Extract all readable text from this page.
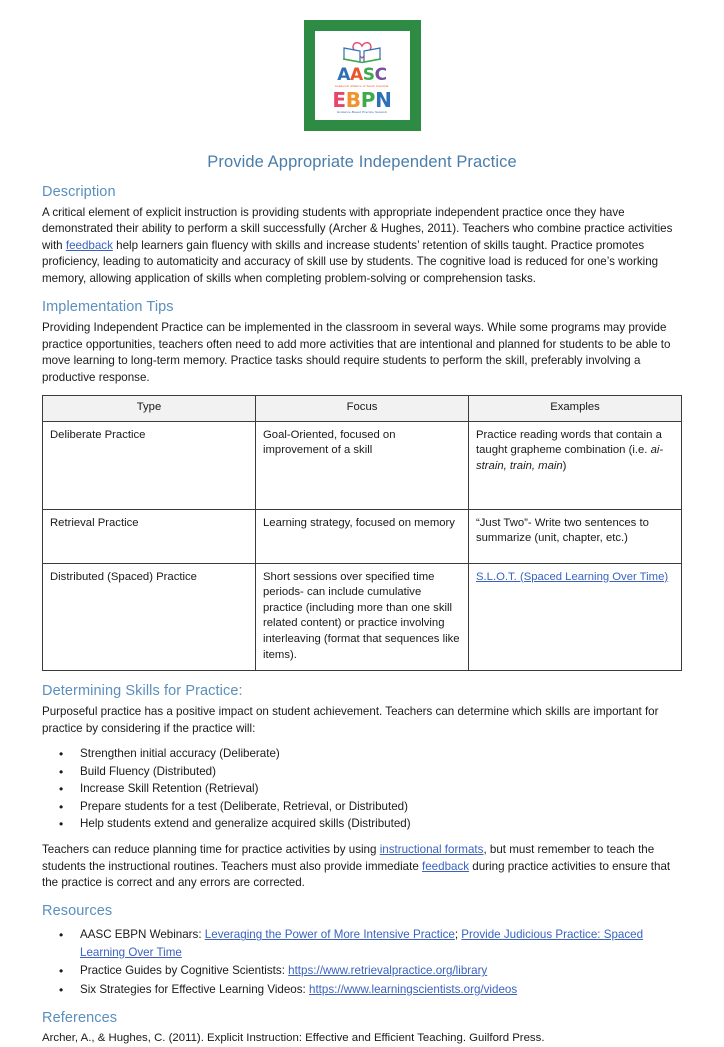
AASC
Academic Alliance of South Carolina
EBPN
Evidence-Based Practice Network
Provide Appropriate Independent Practice
Description

A critical element of explicit instruction is providing students with appropriate independent practice once they have demonstrated their ability to perform a skill successfully (Archer & Hughes, 2011). Teachers who combine practice activities with feedback help learners gain fluency with skills and increase students’ retention of skills taught. Practice promotes proficiency, leading to automaticity and accuracy of skill use by students. The cognitive load is reduced for one’s working memory, allowing application of skills when completing problem-solving or comprehension tasks.

Implementation Tips

Providing Independent Practice can be implemented in the classroom in several ways. While some programs may provide practice opportunities, teachers often need to add more activities that are intentional and planned for students to be able to move learning to long-term memory. Practice tasks should require students to perform the skill, preferably involving a productive response.

Type	Focus	Examples
Deliberate Practice	Goal-Oriented, focused on improvement of a skill	Practice reading words that contain a taught grapheme combination (i.e. ai-strain, train, main)
Retrieval Practice	Learning strategy, focused on memory	“Just Two”- Write two sentences to summarize (unit, chapter, etc.)
Distributed (Spaced) Practice	Short sessions over specified time periods- can include cumulative practice (including more than one skill related content) or practice involving interleaving (format that sequences like items).	S.L.O.T. (Spaced Learning Over Time)
Determining Skills for Practice:

Purposeful practice has a positive impact on student achievement. Teachers can determine which skills are important for practice by considering if the practice will:

• Strengthen initial accuracy (Deliberate)
• Build Fluency (Distributed)
• Increase Skill Retention (Retrieval)
• Prepare students for a test (Deliberate, Retrieval, or Distributed)
• Help students extend and generalize acquired skills (Distributed)

Teachers can reduce planning time for practice activities by using instructional formats, but must remember to teach the students the instructional routines. Teachers must also provide immediate feedback during practice activities to ensure that the practice is correct and any errors are corrected.

Resources
• AASC EBPN Webinars: Leveraging the Power of More Intensive Practice; Provide Judicious Practice: Spaced Learning Over Time
• Practice Guides by Cognitive Scientists: https://www.retrievalpractice.org/library
• Six Strategies for Effective Learning Videos: https://www.learningscientists.org/videos
References

Archer, A., & Hughes, C. (2011). Explicit Instruction: Effective and Efficient Teaching. Guilford Press.
